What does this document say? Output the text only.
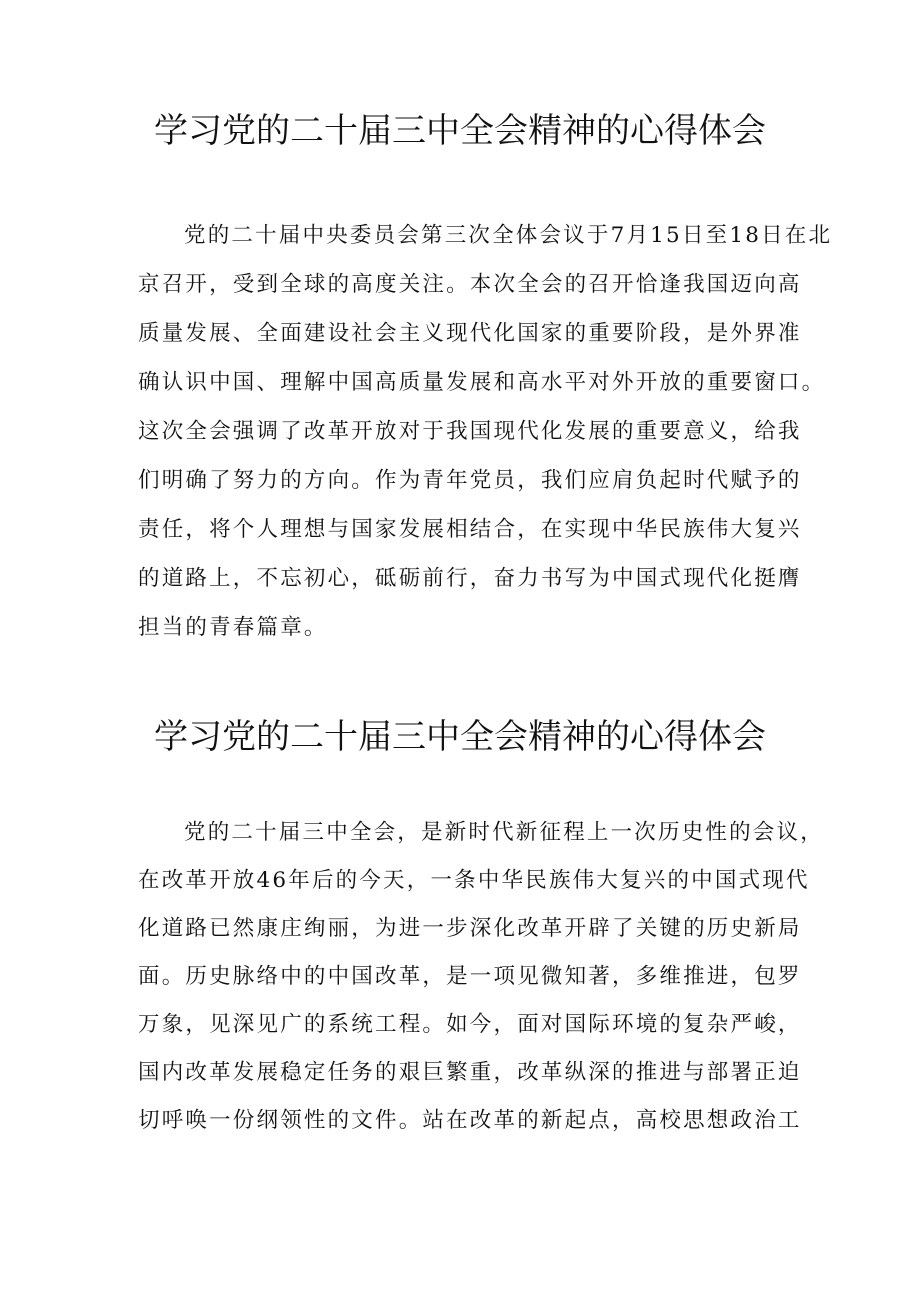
学习党的二十届三中全会精神的心得体会
党的二十届中央委员会第三次全体会议于7月15日至18日在北
京召开，受到全球的高度关注。本次全会的召开恰逢我国迈向高
质量发展、全面建设社会主义现代化国家的重要阶段，是外界准
确认识中国、理解中国高质量发展和高水平对外开放的重要窗口。
这次全会强调了改革开放对于我国现代化发展的重要意义，给我
们明确了努力的方向。作为青年党员，我们应肩负起时代赋予的
责任，将个人理想与国家发展相结合，在实现中华民族伟大复兴
的道路上，不忘初心，砥砺前行，奋力书写为中国式现代化挺膺
担当的青春篇章。
学习党的二十届三中全会精神的心得体会
党的二十届三中全会，是新时代新征程上一次历史性的会议，
在改革开放46年后的今天，一条中华民族伟大复兴的中国式现代
化道路已然康庄绚丽，为进一步深化改革开辟了关键的历史新局
面。历史脉络中的中国改革，是一项见微知著，多维推进，包罗
万象，见深见广的系统工程。如今，面对国际环境的复杂严峻，
国内改革发展稳定任务的艰巨繁重，改革纵深的推进与部署正迫
切呼唤一份纲领性的文件。站在改革的新起点，高校思想政治工
